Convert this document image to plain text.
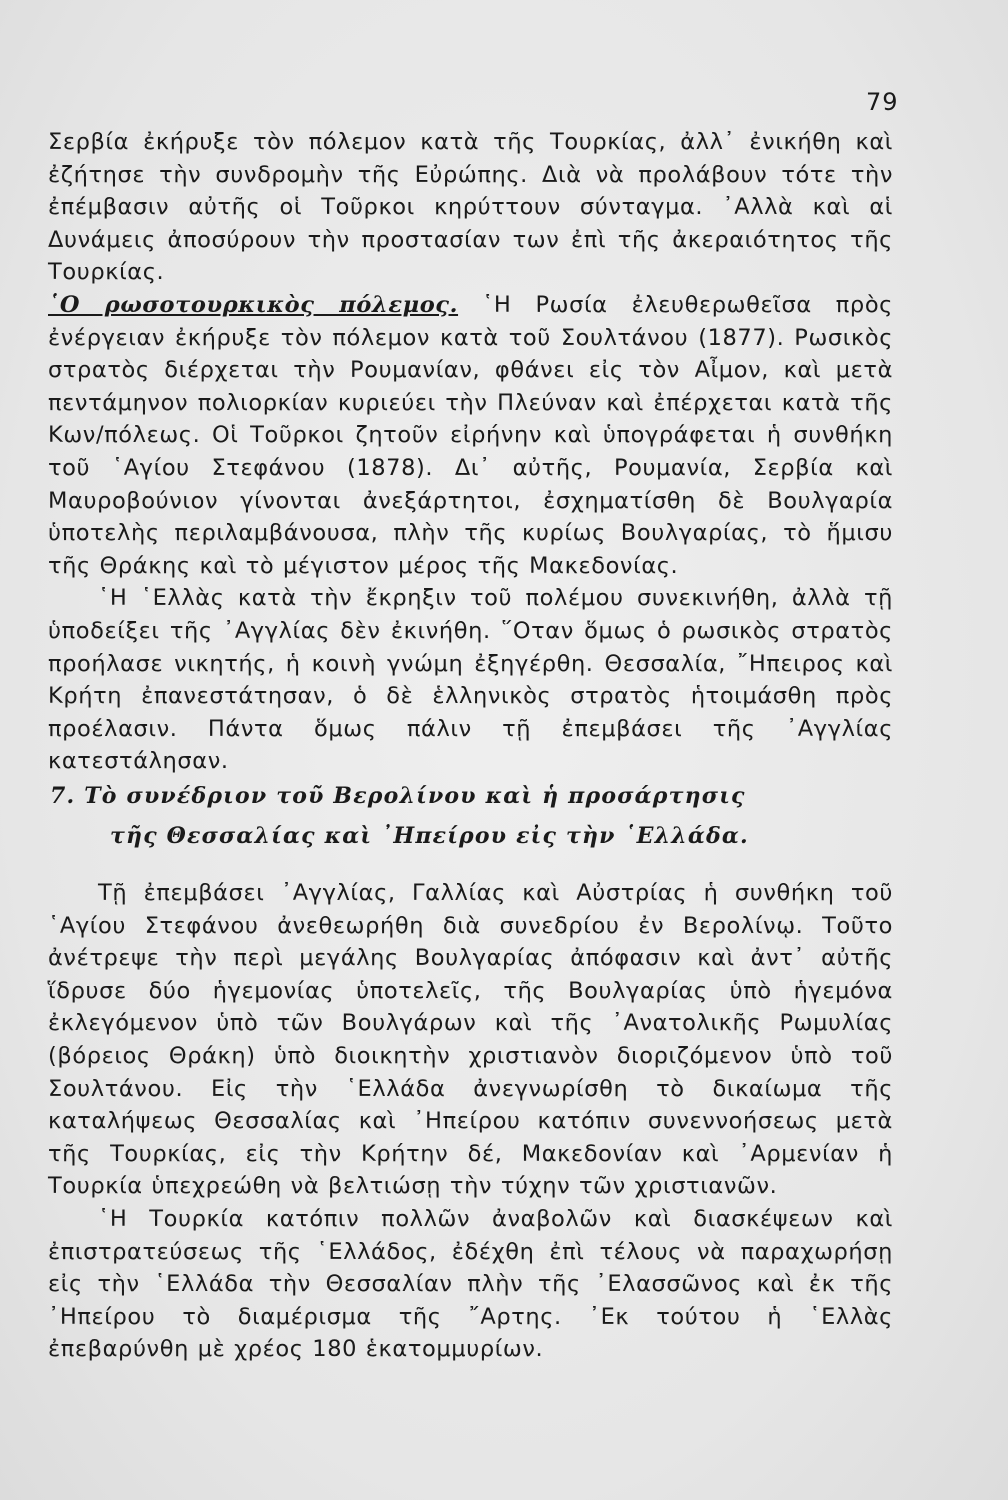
79

Σερβία ἐκήρυξε τὸν πόλεμον κατὰ τῆς Τουρκίας, ἀλλ᾽ ἐνικήθη καὶ ἐζήτησε τὴν συνδρομὴν τῆς Εὐρώπης. Διὰ νὰ προλάβουν τότε τὴν ἐπέμβασιν αὐτῆς οἱ Τοῦρκοι κηρύττουν σύνταγμα. ᾽Αλλὰ καὶ αἱ Δυνάμεις ἀποσύρουν τὴν προστασίαν των ἐπὶ τῆς ἀκεραιότητος τῆς Τουρκίας.

῾Ο ρωσοτουρκικὸς πόλεμος. ῾Η Ρωσία ἐλευθερωθεῖσα πρὸς ἐνέργειαν ἐκήρυξε τὸν πόλεμον κατὰ τοῦ Σουλτάνου (1877). Ρωσικὸς στρατὸς διέρχεται τὴν Ρουμανίαν, φθάνει εἰς τὸν Αἶμον, καὶ μετὰ πεντάμηνον πολιορκίαν κυριεύει τὴν Πλεύναν καὶ ἐπέρχεται κατὰ τῆς Κων/πόλεως. Οἱ Τοῦρκοι ζητοῦν εἰρήνην καὶ ὑπογράφεται ἡ συνθήκη τοῦ ῾Αγίου Στεφάνου (1878). Δι᾽ αὐτῆς, Ρουμανία, Σερβία καὶ Μαυροβούνιον γίνονται ἀνεξάρτητοι, ἐσχηματίσθη δὲ Βουλγαρία ὑποτελὴς περιλαμβάνουσα, πλὴν τῆς κυρίως Βουλγαρίας, τὸ ἥμισυ τῆς Θράκης καὶ τὸ μέγιστον μέρος τῆς Μακεδονίας.

῾Η ῾Ελλὰς κατὰ τὴν ἔκρηξιν τοῦ πολέμου συνεκινήθη, ἀλλὰ τῇ ὑποδείξει τῆς ᾽Αγγλίας δὲν ἐκινήθη. ῞Οταν ὅμως ὁ ρωσικὸς στρατὸς προήλασε νικητής, ἡ κοινὴ γνώμη ἐξηγέρθη. Θεσσαλία, ῎Ηπειρος καὶ Κρήτη ἐπανεστάτησαν, ὁ δὲ ἑλληνικὸς στρατὸς ἡτοιμάσθη πρὸς προέλασιν. Πάντα ὅμως πάλιν τῇ ἐπεμβάσει τῆς ᾽Αγγλίας κατεστάλησαν.

7. Τὸ συνέδριον τοῦ Βερολίνου καὶ ἡ προσάρτησις
τῆς Θεσσαλίας καὶ ᾽Ηπείρου εἰς τὴν ῾Ελλάδα.

Τῇ ἐπεμβάσει ᾽Αγγλίας, Γαλλίας καὶ Αὐστρίας ἡ συνθήκη τοῦ ῾Αγίου Στεφάνου ἀνεθεωρήθη διὰ συνεδρίου ἐν Βερολίνῳ. Τοῦτο ἀνέτρεψε τὴν περὶ μεγάλης Βουλγαρίας ἀπόφασιν καὶ ἀντ᾽ αὐτῆς ἵδρυσε δύο ἡγεμονίας ὑποτελεῖς, τῆς Βουλγαρίας ὑπὸ ἡγεμόνα ἐκλεγόμενον ὑπὸ τῶν Βουλγάρων καὶ τῆς ᾽Ανατολικῆς Ρωμυλίας (βόρειος Θράκη) ὑπὸ διοικητὴν χριστιανὸν διοριζόμενον ὑπὸ τοῦ Σουλτάνου. Εἰς τὴν ῾Ελλάδα ἀνεγνωρίσθη τὸ δικαίωμα τῆς καταλήψεως Θεσσαλίας καὶ ᾽Ηπείρου κατόπιν συνεννοήσεως μετὰ τῆς Τουρκίας, εἰς τὴν Κρήτην δέ, Μακεδονίαν καὶ ᾽Αρμενίαν ἡ Τουρκία ὑπεχρεώθη νὰ βελτιώσῃ τὴν τύχην τῶν χριστιανῶν.

῾Η Τουρκία κατόπιν πολλῶν ἀναβολῶν καὶ διασκέψεων καὶ ἐπιστρατεύσεως τῆς ῾Ελλάδος, ἐδέχθη ἐπὶ τέλους νὰ παραχωρήσῃ εἰς τὴν ῾Ελλάδα τὴν Θεσσαλίαν πλὴν τῆς ᾽Ελασσῶνος καὶ ἐκ τῆς ᾽Ηπείρου τὸ διαμέρισμα τῆς ῎Αρτης. ᾽Εκ τούτου ἡ ῾Ελλὰς ἐπεβαρύνθη μὲ χρέος 180 ἑκατομμυρίων.
